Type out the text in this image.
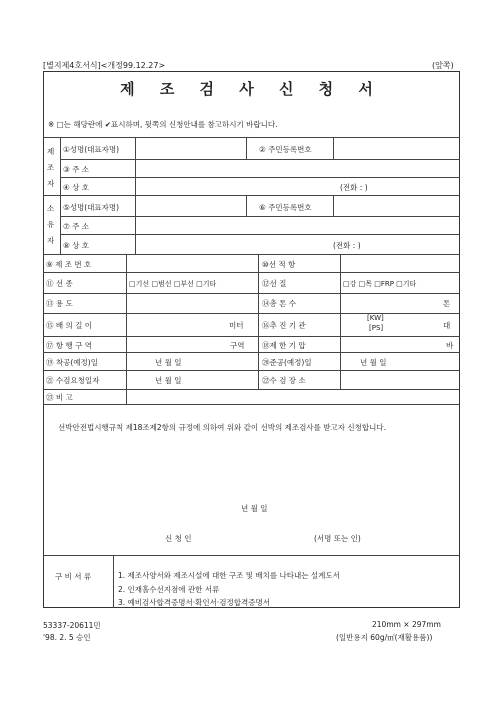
[별지제4호서식]<개정99.12.27>	(앞쪽)
제 조 검 사 신 청 서
※ □는 해당란에 ✔표시하며, 뒷쪽의 신청안내를 참고하시기 바랍니다.
제
조
자
①성명(대표자명)	② 주민등록번호
③ 주 소
④ 상 호	(전화 : )
소
유
자
⑤성명(대표자명)	⑥ 주민등록번호
⑦ 주 소
⑧ 상 호	(전화 : )
⑨ 제 조 번 호	⑩선 적 항
⑪ 선 종	□기선 □범선 □부선 □기타	⑫선 질	□강 □목 □FRP □기타
⑬ 용 도	⑭총 톤 수	톤
⑮ 배 의 길 이	미터 ⑯추 진 기 관
[KW]
[PS]	대
⑰ 항 행 구 역	구역 ⑱제 한 기 압	바
⑲ 착공(예정)일	년 월 일	⑳준공(예정)일	년 월 일
㉑ 수검요청일자	년 월 일	㉒수 검 장 소
㉓ 비 고
선박안전법시행규칙 제18조제2항의 규정에 의하여 위와 같이 선박의 제조검사를 받고자 신청합니다.
년 월 일
신 청 인	(서명 또는 인)
구 비 서 류	1. 제조사양서와 제조시설에 대한 구조 및 배치를 나타내는 설계도서
2. 인재홀수선지점에 관한 서류
3. 예비검사합격증명서·확인서·검정합격증명서
53337-20611민
'98. 2. 5 승인
210mm × 297mm
(일반용지 60g/㎡(재활용품))
